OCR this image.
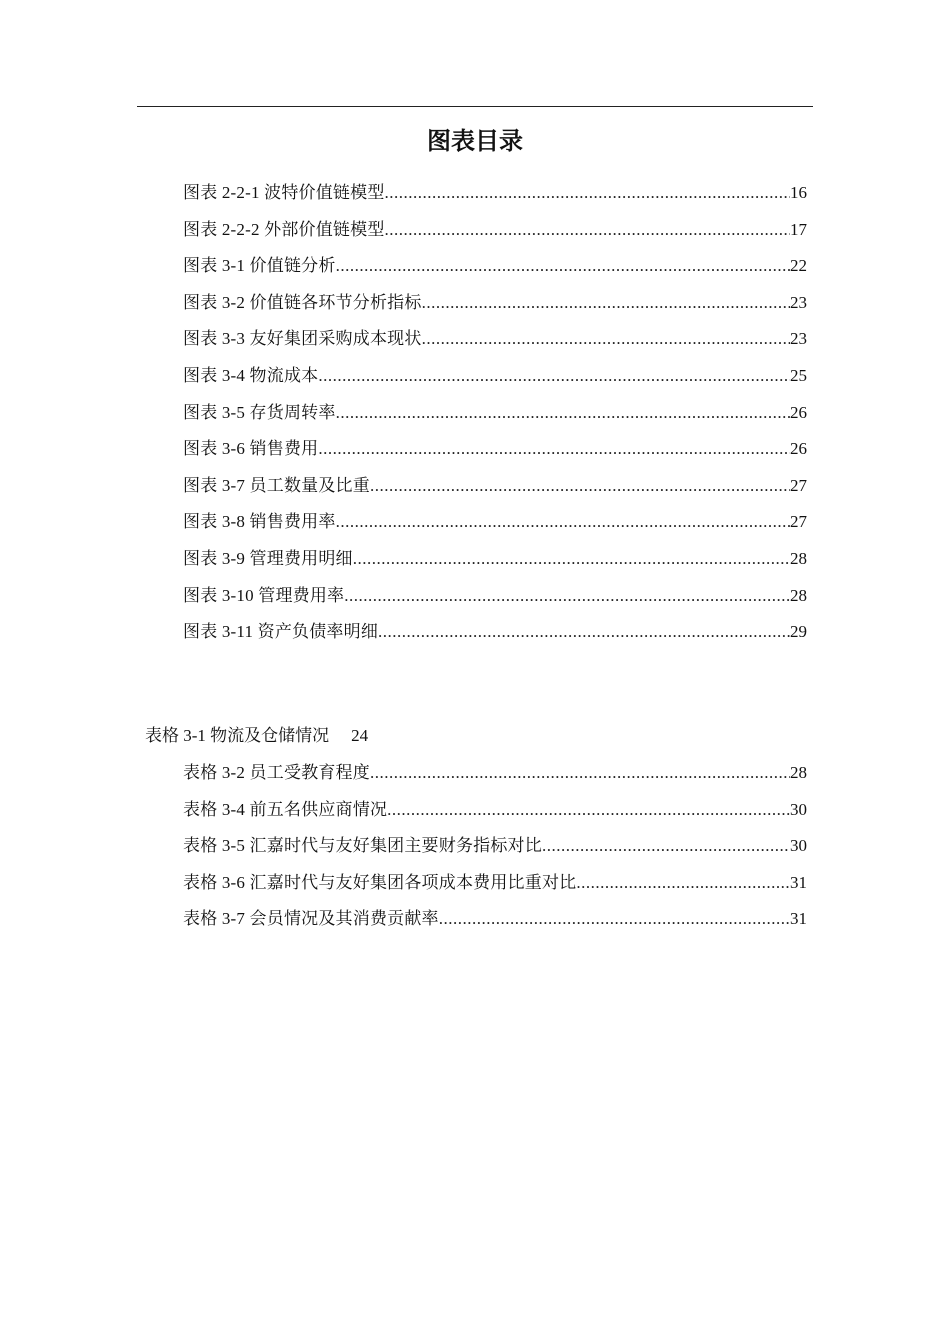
图表目录
图表 2-2-1 波特价值链模型 .....	16
图表 2-2-2 外部价值链模型 .....	17
图表 3-1 价值链分析 .....	22
图表 3-2 价值链各环节分析指标 .....	23
图表 3-3 友好集团采购成本现状 .....	23
图表 3-4 物流成本 .....	25
图表 3-5 存货周转率 .....	26
图表 3-6 销售费用 .....	26
图表 3-7 员工数量及比重 .....	27
图表 3-8 销售费用率 .....	27
图表 3-9 管理费用明细 .....	28
图表 3-10 管理费用率 .....	28
图表 3-11 资产负债率明细 .....	29
表格 3-1 物流及仓储情况 24
表格 3-2 员工受教育程度 .....	28
表格 3-4 前五名供应商情况 .....	30
表格 3-5 汇嘉时代与友好集团主要财务指标对比 .....	30
表格 3-6 汇嘉时代与友好集团各项成本费用比重对比 .....	31
表格 3-7 会员情况及其消费贡献率 .....	31
